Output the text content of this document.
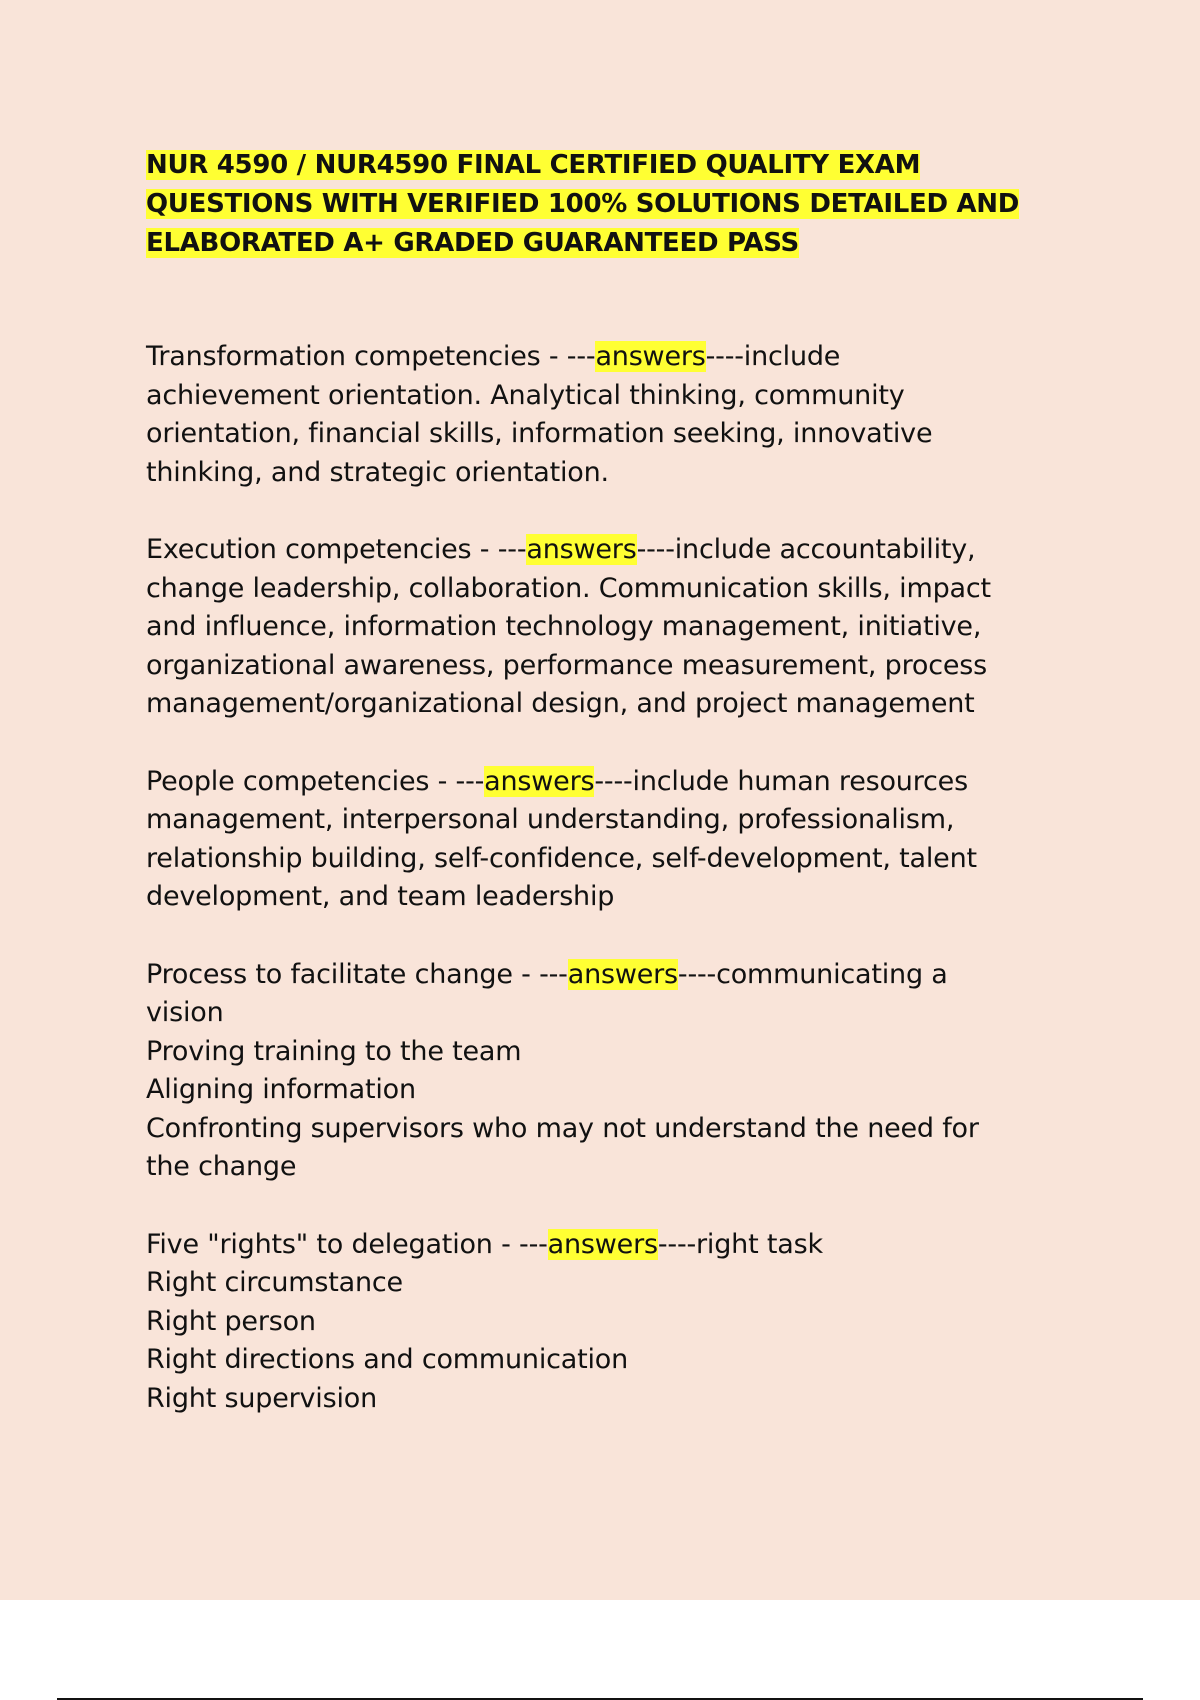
NUR 4590 / NUR4590 FINAL CERTIFIED QUALITY EXAM
QUESTIONS WITH VERIFIED 100% SOLUTIONS DETAILED AND
ELABORATED A+ GRADED GUARANTEED PASS

Transformation competencies - ---answers----include
achievement orientation. Analytical thinking, community
orientation, financial skills, information seeking, innovative
thinking, and strategic orientation.

Execution competencies - ---answers----include accountability,
change leadership, collaboration. Communication skills, impact
and influence, information technology management, initiative,
organizational awareness, performance measurement, process
management/organizational design, and project management

People competencies - ---answers----include human resources
management, interpersonal understanding, professionalism,
relationship building, self-confidence, self-development, talent
development, and team leadership

Process to facilitate change - ---answers----communicating a
vision
Proving training to the team
Aligning information
Confronting supervisors who may not understand the need for
the change

Five "rights" to delegation - ---answers----right task
Right circumstance
Right person
Right directions and communication
Right supervision
